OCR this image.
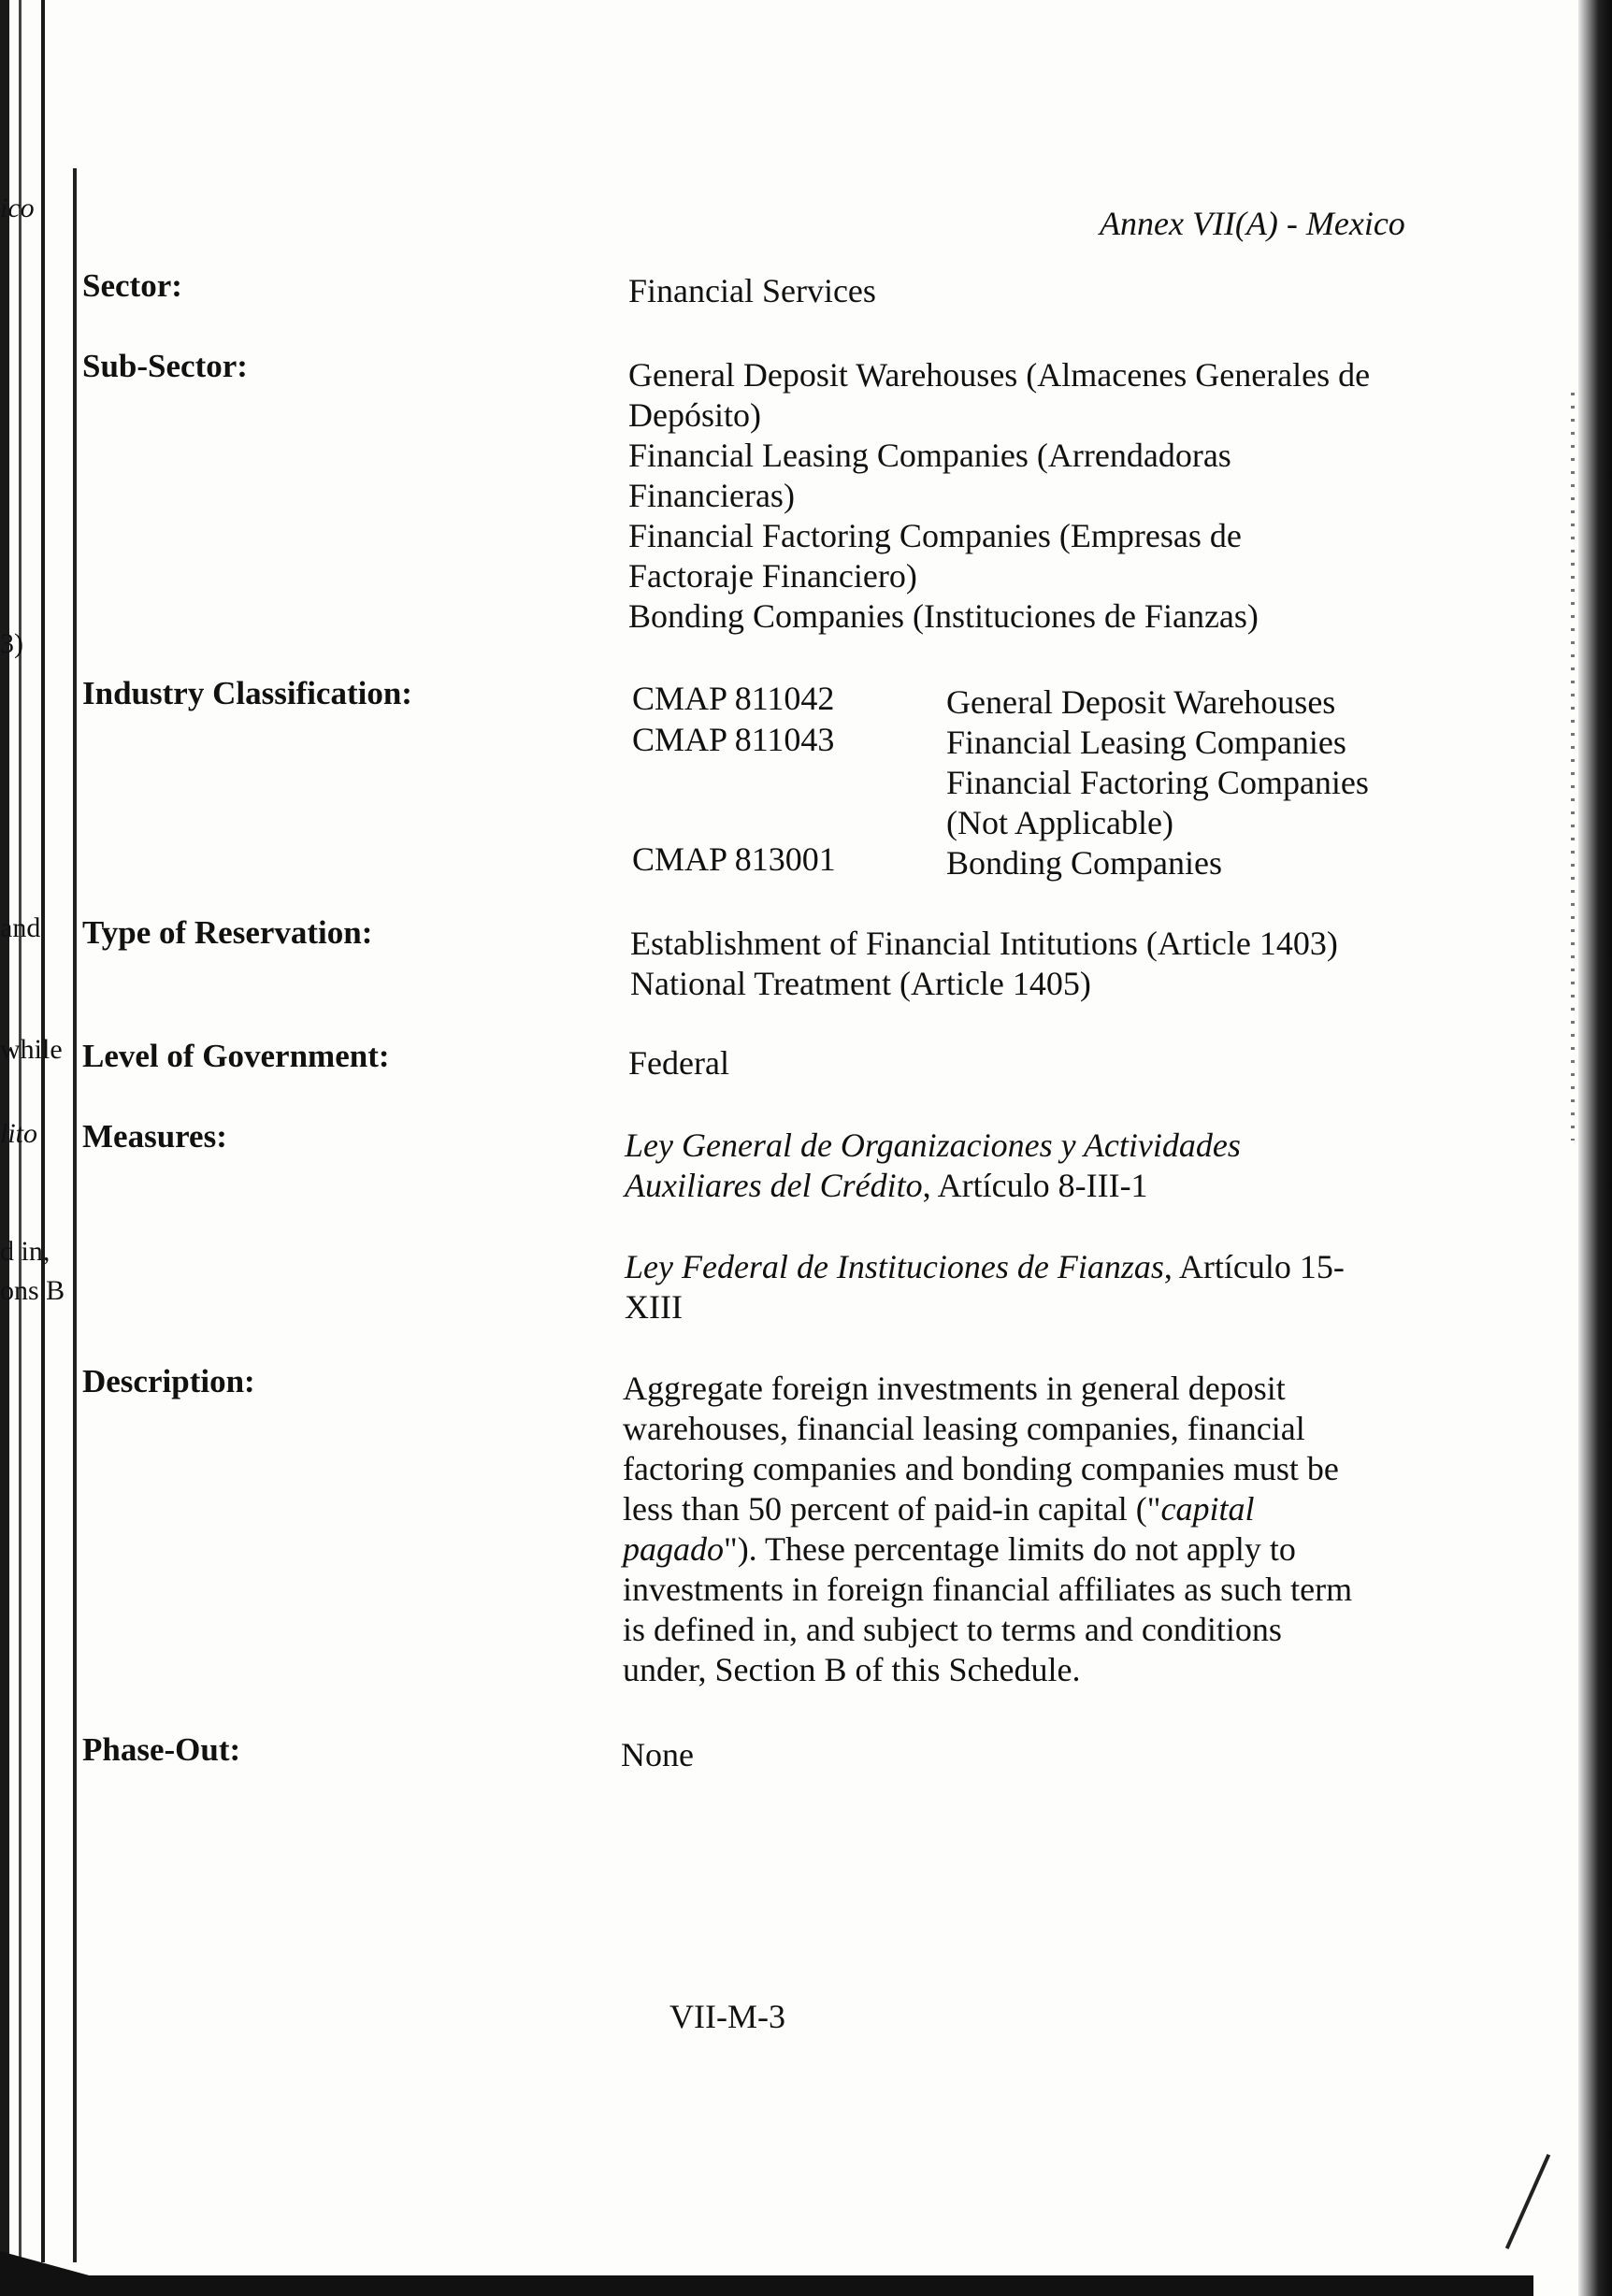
ico
3)
and
while
lito
d in,
ons B
Annex VII(A) - Mexico
Sector:	Financial Services
Sub-Sector:	General Deposit Warehouses (Almacenes Generales de
Depósito)
Financial Leasing Companies (Arrendadoras
Financieras)
Financial Factoring Companies (Empresas de
Factoraje Financiero)
Bonding Companies (Instituciones de Fianzas)
Industry Classification:	CMAP 811042	General Deposit Warehouses
CMAP 811043	Financial Leasing Companies
Financial Factoring Companies
(Not Applicable)
CMAP 813001	Bonding Companies
Type of Reservation:	Establishment of Financial Intitutions (Article 1403)
National Treatment (Article 1405)
Level of Government:	Federal
Measures:	Ley General de Organizaciones y Actividades
Auxiliares del Crédito, Artículo 8-III-1
Ley Federal de Instituciones de Fianzas, Artículo 15-
XIII
Description:	Aggregate foreign investments in general deposit
warehouses, financial leasing companies, financial
factoring companies and bonding companies must be
less than 50 percent of paid-in capital ("capital
pagado"). These percentage limits do not apply to
investments in foreign financial affiliates as such term
is defined in, and subject to terms and conditions
under, Section B of this Schedule.
Phase-Out:	None
VII-M-3
